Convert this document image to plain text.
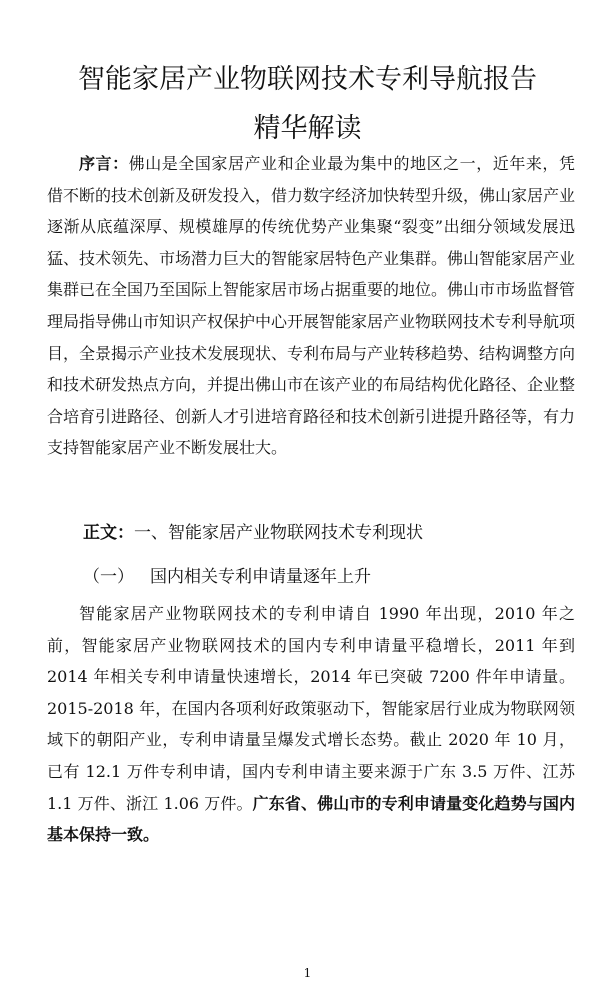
智能家居产业物联网技术专利导航报告
精华解读

序言：佛山是全国家居产业和企业最为集中的地区之一，近年来，凭借不断的技术创新及研发投入，借力数字经济加快转型升级，佛山家居产业逐渐从底蕴深厚、规模雄厚的传统优势产业集聚“裂变”出细分领域发展迅猛、技术领先、市场潜力巨大的智能家居特色产业集群。佛山智能家居产业集群已在全国乃至国际上智能家居市场占据重要的地位。佛山市市场监督管理局指导佛山市知识产权保护中心开展智能家居产业物联网技术专利导航项目，全景揭示产业技术发展现状、专利布局与产业转移趋势、结构调整方向和技术研发热点方向，并提出佛山市在该产业的布局结构优化路径、企业整合培育引进路径、创新人才引进培育路径和技术创新引进提升路径等，有力支持智能家居产业不断发展壮大。

正文：一、智能家居产业物联网技术专利现状
（一） 国内相关专利申请量逐年上升

智能家居产业物联网技术的专利申请自 1990 年出现，2010 年之前，智能家居产业物联网技术的国内专利申请量平稳增长，2011 年到 2014 年相关专利申请量快速增长，2014 年已突破 7200 件年申请量。2015-2018 年，在国内各项利好政策驱动下，智能家居行业成为物联网领域下的朝阳产业，专利申请量呈爆发式增长态势。截止 2020 年 10 月，已有 12.1 万件专利申请，国内专利申请主要来源于广东 3.5 万件、江苏 1.1 万件、浙江 1.06 万件。广东省、佛山市的专利申请量变化趋势与国内基本保持一致。

1
